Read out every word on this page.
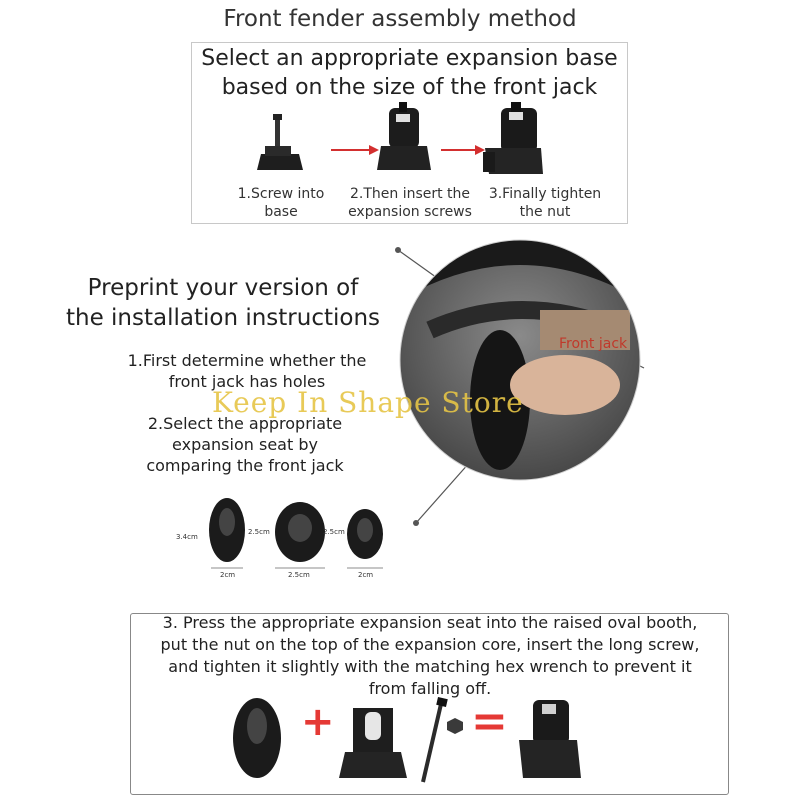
Front fender assembly method
Select an appropriate expansion base
based on the size of the front jack
1.Screw into
base
2.Then insert the
expansion screws
3.Finally tighten
the nut
Preprint your version of
the installation instructions
1.First determine whether the
front jack has holes
2.Select the appropriate
expansion seat by
comparing the front jack
Front jack
3.4cm
2cm
2.5cm
2.5cm
2.5cm
2cm
Keep In Shape Store
3. Press the appropriate expansion seat into the raised oval booth,
put the nut on the top of the expansion core, insert the long screw,
and tighten it slightly with the matching hex wrench to prevent it
from falling off.
+	=
